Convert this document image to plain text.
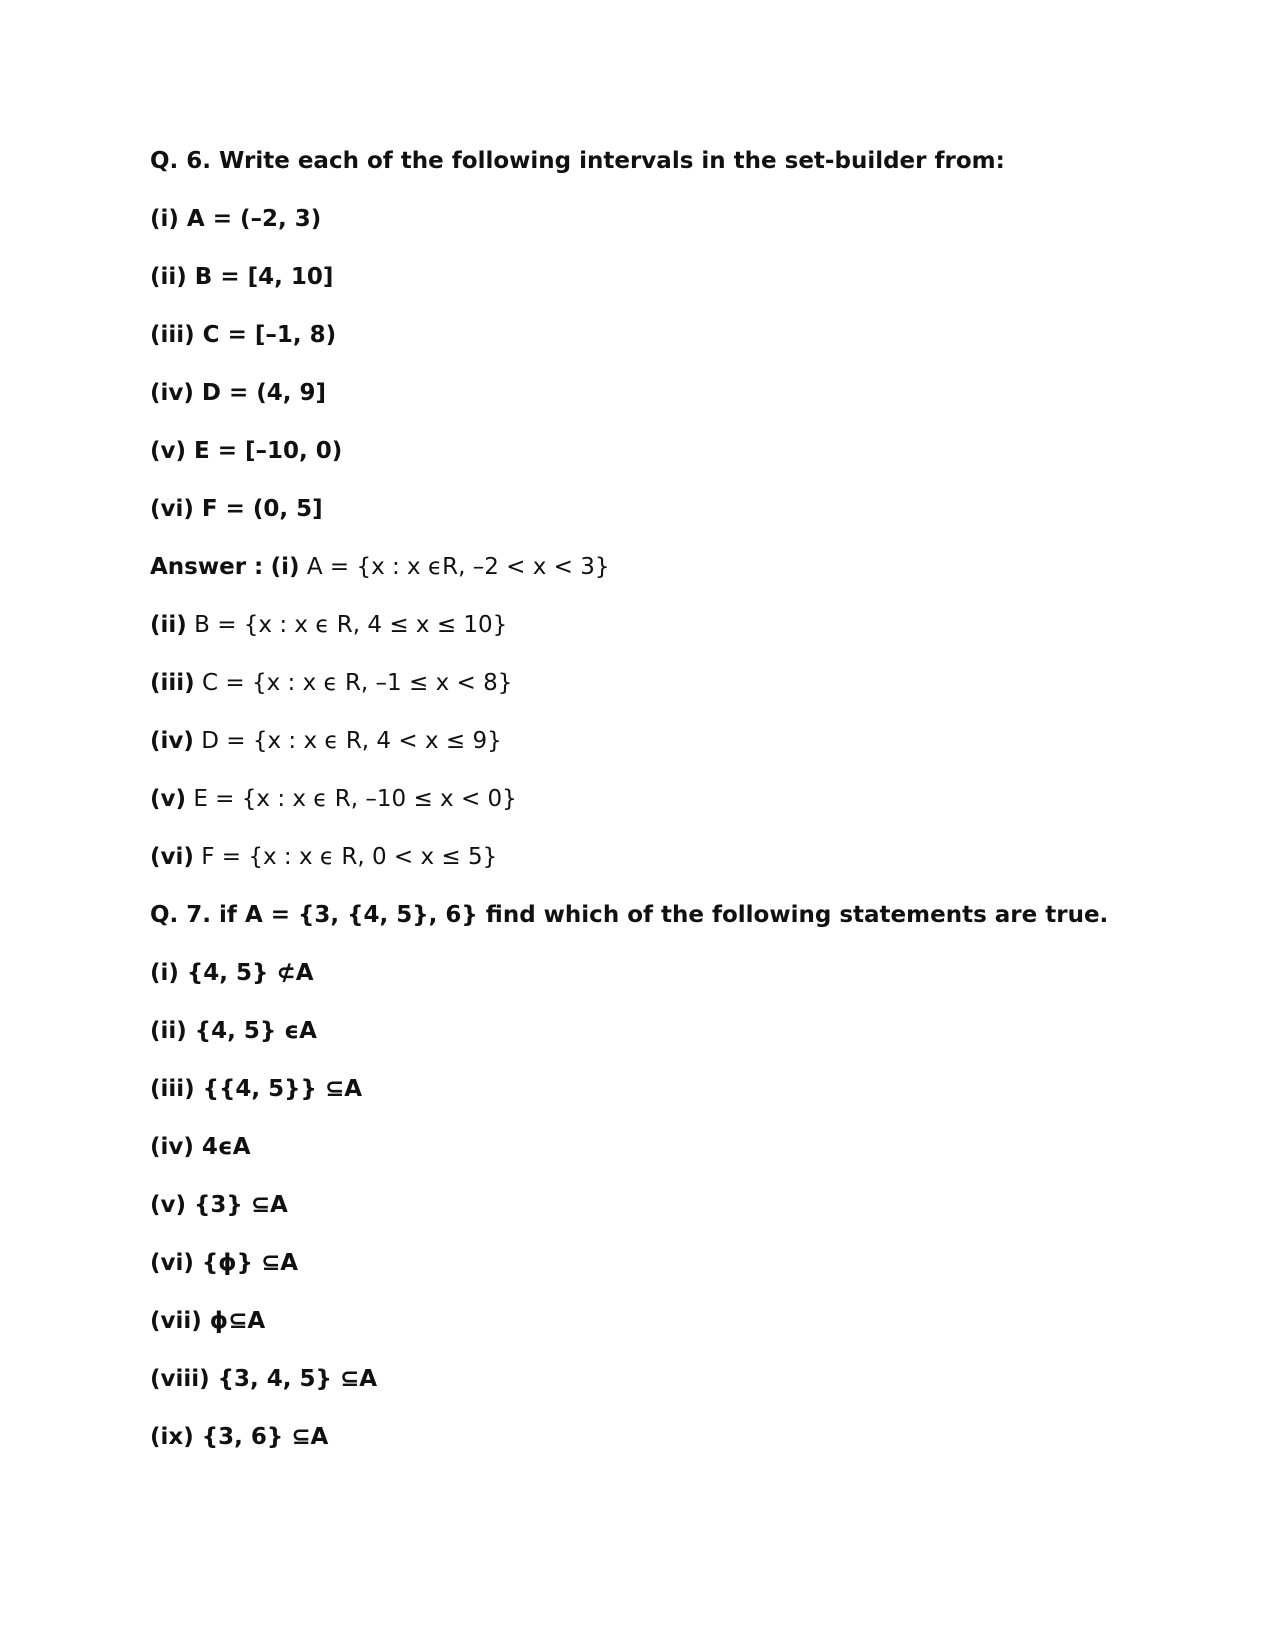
Q. 6. Write each of the following intervals in the set-builder from:
(i) A = (–2, 3)
(ii) B = [4, 10]
(iii) C = [–1, 8)
(iv) D = (4, 9]
(v) E = [–10, 0)
(vi) F = (0, 5]
Answer : (i) A = {x : x ϵR, –2 < x < 3}
(ii) B = {x : x ϵ R, 4 ≤ x ≤ 10}
(iii) C = {x : x ϵ R, –1 ≤ x < 8}
(iv) D = {x : x ϵ R, 4 < x ≤ 9}
(v) E = {x : x ϵ R, –10 ≤ x < 0}
(vi) F = {x : x ϵ R, 0 < x ≤ 5}
Q. 7. if A = {3, {4, 5}, 6} find which of the following statements are true.
(i) {4, 5} ⊄A
(ii) {4, 5} ϵA
(iii) {{4, 5}} ⊆A
(iv) 4ϵA
(v) {3} ⊆A
(vi) {ϕ} ⊆A
(vii) ϕ⊆A
(viii) {3, 4, 5} ⊆A
(ix) {3, 6} ⊆A
